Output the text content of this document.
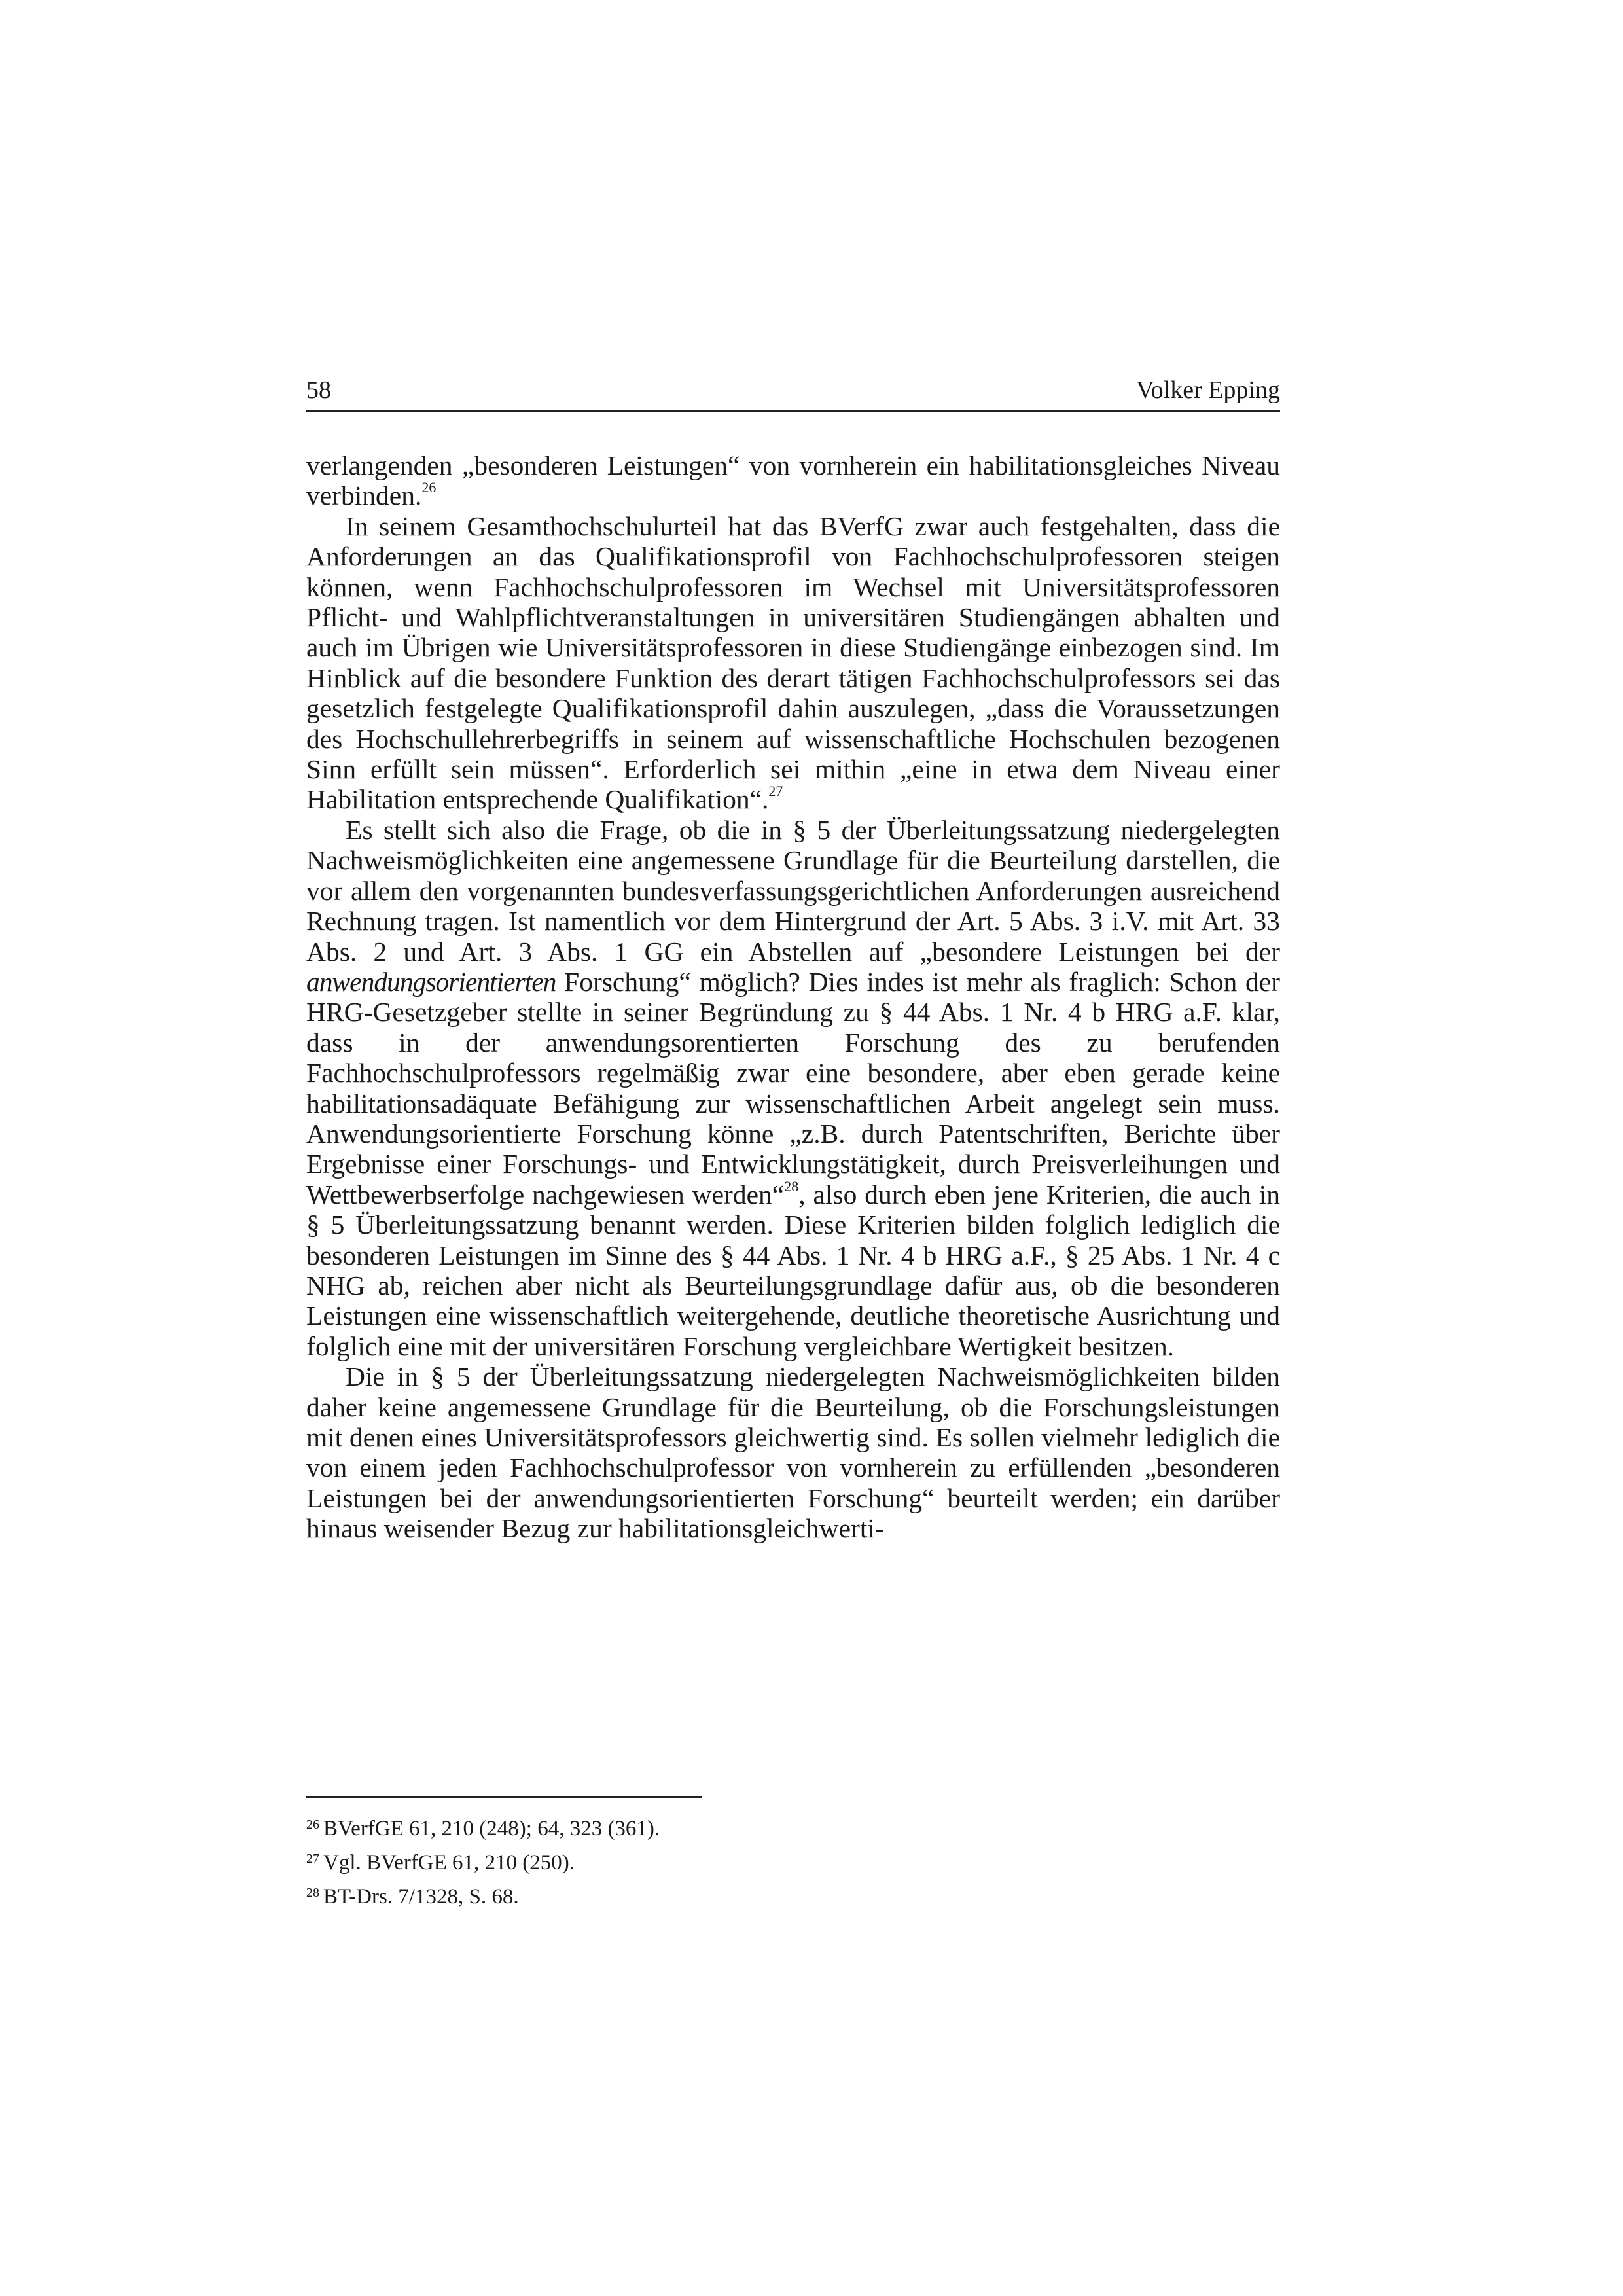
58	Volker Epping

verlangenden „besonderen Leistungen“ von vornherein ein habilitationsgleiches Niveau verbinden.$^{26}$

In seinem Gesamthochschulurteil hat das BVerfG zwar auch festgehalten, dass die Anforderungen an das Qualifikationsprofil von Fachhochschulprofessoren steigen können, wenn Fachhochschulprofessoren im Wechsel mit Universitätsprofessoren Pflicht- und Wahlpflichtveranstaltungen in universitären Studiengängen abhalten und auch im Übrigen wie Universitätsprofessoren in diese Studiengänge einbezogen sind. Im Hinblick auf die besondere Funktion des derart tätigen Fachhochschulprofessors sei das gesetzlich festgelegte Qualifikationsprofil dahin auszulegen, „dass die Voraussetzungen des Hochschullehrerbegriffs in seinem auf wissenschaftliche Hochschulen bezogenen Sinn erfüllt sein müssen“. Erforderlich sei mithin „eine in etwa dem Niveau einer Habilitation entsprechende Qualifikation“.$^{27}$

Es stellt sich also die Frage, ob die in § 5 der Überleitungssatzung niedergelegten Nachweismöglichkeiten eine angemessene Grundlage für die Beurteilung darstellen, die vor allem den vorgenannten bundesverfassungsgerichtlichen Anforderungen ausreichend Rechnung tragen. Ist namentlich vor dem Hintergrund der Art. 5 Abs. 3 i.V. mit Art. 33 Abs. 2 und Art. 3 Abs. 1 GG ein Abstellen auf „besondere Leistungen bei der anwendungsorientierten Forschung“ möglich? Dies indes ist mehr als fraglich: Schon der HRG-Gesetzgeber stellte in seiner Begründung zu § 44 Abs. 1 Nr. 4 b HRG a.F. klar, dass in der anwendungsorentierten Forschung des zu berufenden Fachhochschulprofessors regelmäßig zwar eine besondere, aber eben gerade keine habilitationsadäquate Befähigung zur wissenschaftlichen Arbeit angelegt sein muss. Anwendungsorientierte Forschung könne „z.B. durch Patentschriften, Berichte über Ergebnisse einer Forschungs- und Entwicklungstätigkeit, durch Preisverleihungen und Wettbewerbserfolge nachgewiesen werden“$^{28}$, also durch eben jene Kriterien, die auch in § 5 Überleitungssatzung benannt werden. Diese Kriterien bilden folglich lediglich die besonderen Leistungen im Sinne des § 44 Abs. 1 Nr. 4 b HRG a.F., § 25 Abs. 1 Nr. 4 c NHG ab, reichen aber nicht als Beurteilungsgrundlage dafür aus, ob die besonderen Leistungen eine wissenschaftlich weitergehende, deutliche theoretische Ausrichtung und folglich eine mit der universitären Forschung vergleichbare Wertigkeit besitzen.

Die in § 5 der Überleitungssatzung niedergelegten Nachweismöglichkeiten bilden daher keine angemessene Grundlage für die Beurteilung, ob die Forschungsleistungen mit denen eines Universitätsprofessors gleichwertig sind. Es sollen vielmehr lediglich die von einem jeden Fachhochschulprofessor von vornherein zu erfüllenden „besonderen Leistungen bei der anwendungsorientierten Forschung“ beurteilt werden; ein darüber hinaus weisender Bezug zur habilitationsgleichwerti-

$^{26}$ BVerfGE 61, 210 (248); 64, 323 (361).

$^{27}$ Vgl. BVerfGE 61, 210 (250).

$^{28}$ BT-Drs. 7/1328, S. 68.
